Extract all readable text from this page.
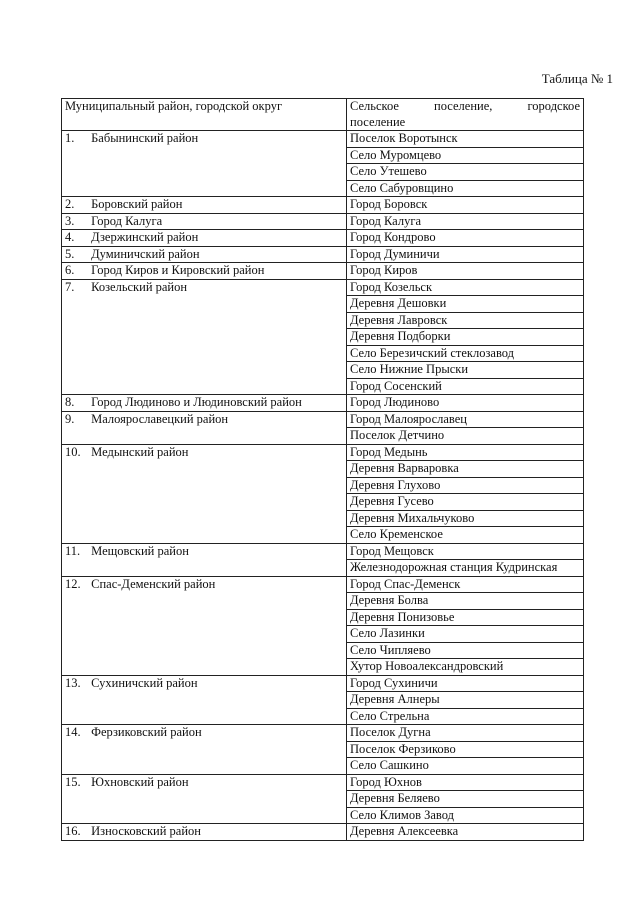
Таблица № 1
Муниципальный район, городской округ	Сельское поселение, городское
поселение
1. Бабынинский район	Поселок Воротынск
	Село Муромцево
	Село Утешево
	Село Сабуровщино
2. Боровский район	Город Боровск
3. Город Калуга	Город Калуга
4. Дзержинский район	Город Кондрово
5. Думиничский район	Город Думиничи
6. Город Киров и Кировский район	Город Киров
7. Козельский район	Город Козельск
	Деревня Дешовки
	Деревня Лавровск
	Деревня Подборки
	Село Березичский стеклозавод
	Село Нижние Прыски
	Город Сосенский
8. Город Людиново и Людиновский район	Город Людиново
9. Малоярославецкий район	Город Малоярославец
	Поселок Детчино
10. Медынский район	Город Медынь
	Деревня Варваровка
	Деревня Глухово
	Деревня Гусево
	Деревня Михальчуково
	Село Кременское
11. Мещовский район	Город Мещовск

	Железнодорожная станция Кудринская

12. Спас-Деменский район	Город Спас-Деменск
	Деревня Болва
	Деревня Понизовье
	Село Лазинки
	Село Чипляево
	Хутор Новоалександровский
13. Сухиничский район	Город Сухиничи
	Деревня Алнеры
	Село Стрельна
14. Ферзиковский район	Поселок Дугна
	Поселок Ферзиково
	Село Сашкино
15. Юхновский район	Город Юхнов
	Деревня Беляево
	Село Климов Завод
16. Износковский район	Деревня Алексеевка
